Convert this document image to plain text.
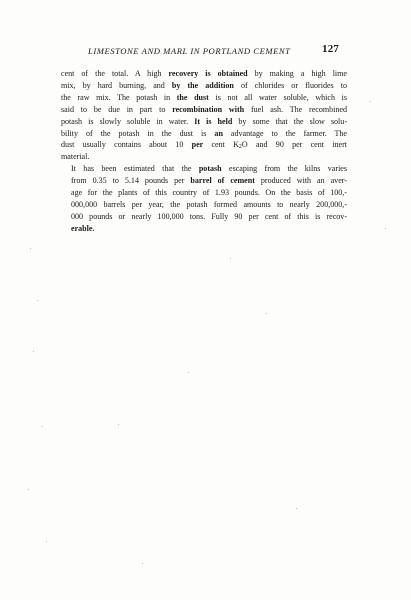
LIMESTONE AND MARL IN PORTLAND CEMENT	127

cent of the total. A high recovery is obtained by making a high lime
mix, by hard burning, and by the addition of chlorides or fluorides to
the raw mix. The potash in the dust is not all water soluble, which is
said to be due in part to recombination with fuel ash. The recombined
potash is slowly soluble in water. It is held by some that the slow solu-
bility of the potash in the dust is an advantage to the farmer. The
dust usually contains about 10 per cent $K_2O$ and 90 per cent inert
material.

It has been estimated that the potash escaping from the kilns varies
from 0.35 to 5.14 pounds per barrel of cement produced with an aver-
age for the plants of this country of 1.93 pounds. On the basis of 100,-
000,000 barrels per year, the potash formed amounts to nearly 200,000,-
000 pounds or nearly 100,000 tons. Fully 90 per cent of this is recov-
erable.
